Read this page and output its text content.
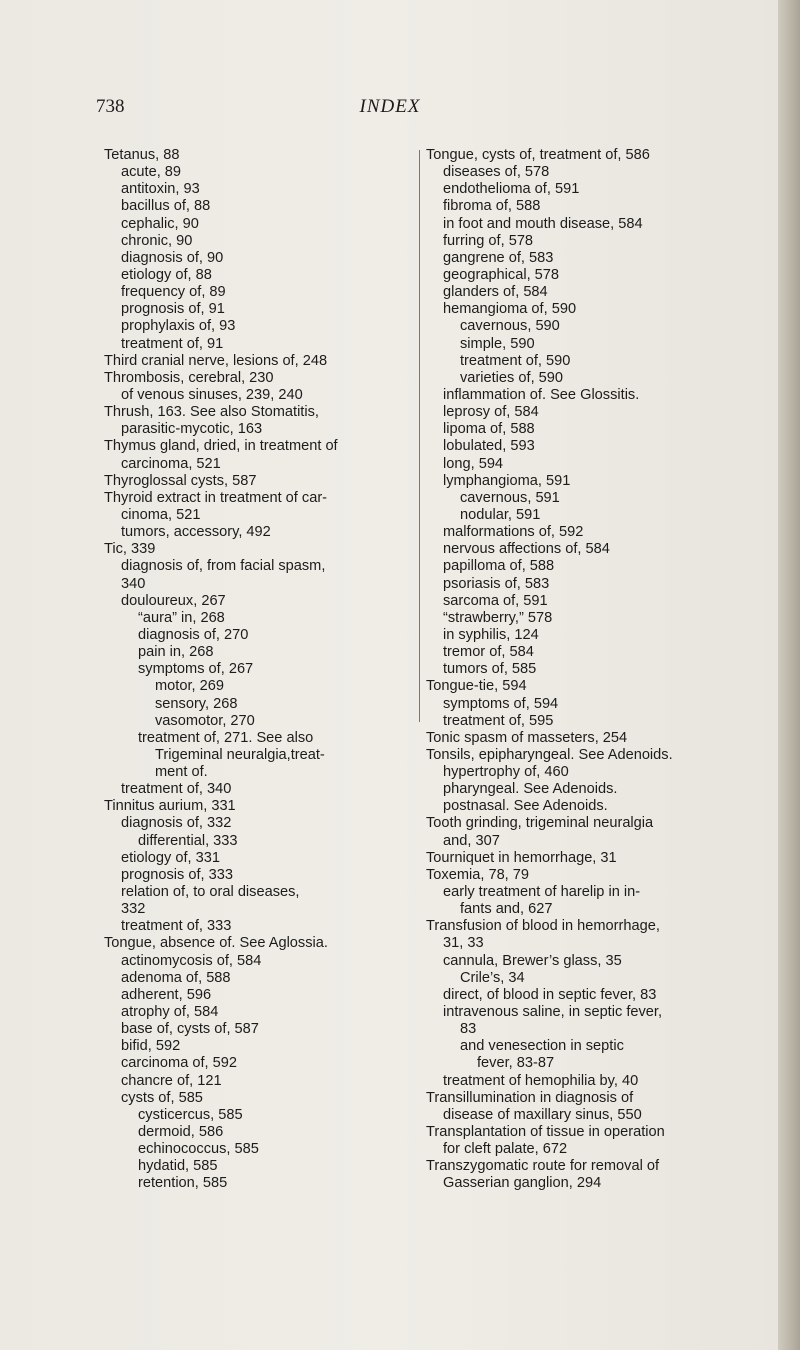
738	INDEX
Tetanus, 88
acute, 89
antitoxin, 93
bacillus of, 88
cephalic, 90
chronic, 90
diagnosis of, 90
etiology of, 88
frequency of, 89
prognosis of, 91
prophylaxis of, 93
treatment of, 91
Third cranial nerve, lesions of, 248
Thrombosis, cerebral, 230
of venous sinuses, 239, 240
Thrush, 163. See also Stomatitis,
parasitic-mycotic, 163
Thymus gland, dried, in treatment of
carcinoma, 521
Thyroglossal cysts, 587
Thyroid extract in treatment of car-
cinoma, 521
tumors, accessory, 492
Tic, 339
diagnosis of, from facial spasm,
340
douloureux, 267
“aura” in, 268
diagnosis of, 270
pain in, 268
symptoms of, 267
motor, 269
sensory, 268
vasomotor, 270
treatment of, 271. See also
Trigeminal neuralgia,treat-
ment of.
treatment of, 340
Tinnitus aurium, 331
diagnosis of, 332
differential, 333
etiology of, 331
prognosis of, 333
relation of, to oral diseases,
332
treatment of, 333
Tongue, absence of. See Aglossia.
actinomycosis of, 584
adenoma of, 588
adherent, 596
atrophy of, 584
base of, cysts of, 587
bifid, 592
carcinoma of, 592
chancre of, 121
cysts of, 585
cysticercus, 585
dermoid, 586
echinococcus, 585
hydatid, 585
retention, 585
Tongue, cysts of, treatment of, 586
diseases of, 578
endothelioma of, 591
fibroma of, 588
in foot and mouth disease, 584
furring of, 578
gangrene of, 583
geographical, 578
glanders of, 584
hemangioma of, 590
cavernous, 590
simple, 590
treatment of, 590
varieties of, 590
inflammation of. See Glossitis.
leprosy of, 584
lipoma of, 588
lobulated, 593
long, 594
lymphangioma, 591
cavernous, 591
nodular, 591
malformations of, 592
nervous affections of, 584
papilloma of, 588
psoriasis of, 583
sarcoma of, 591
“strawberry,” 578
in syphilis, 124
tremor of, 584
tumors of, 585
Tongue-tie, 594
symptoms of, 594
treatment of, 595
Tonic spasm of masseters, 254
Tonsils, epipharyngeal. See Adenoids.
hypertrophy of, 460
pharyngeal. See Adenoids.
postnasal. See Adenoids.
Tooth grinding, trigeminal neuralgia
and, 307
Tourniquet in hemorrhage, 31
Toxemia, 78, 79
early treatment of harelip in in-
fants and, 627
Transfusion of blood in hemorrhage,
31, 33
cannula, Brewer’s glass, 35
Crile’s, 34
direct, of blood in septic fever, 83
intravenous saline, in septic fever,
83
and venesection in septic
fever, 83-87
treatment of hemophilia by, 40
Transillumination in diagnosis of
disease of maxillary sinus, 550
Transplantation of tissue in operation
for cleft palate, 672
Transzygomatic route for removal of
Gasserian ganglion, 294
